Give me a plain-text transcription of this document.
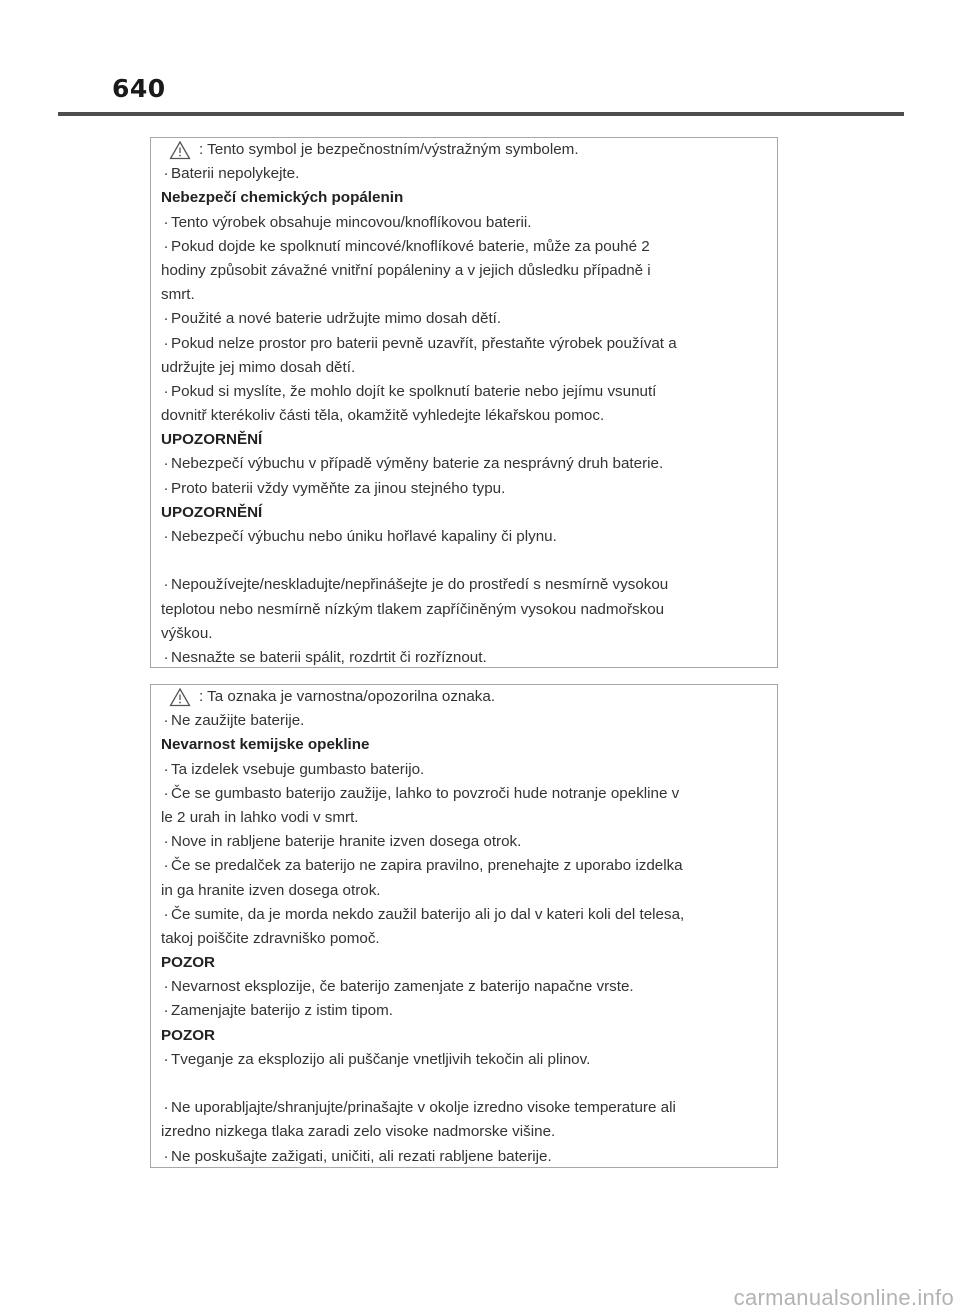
640
: Tento symbol je bezpečnostním/výstražným symbolem.
· Baterii nepolykejte.
Nebezpečí chemických popálenin
· Tento výrobek obsahuje mincovou/knoflíkovou baterii.
· Pokud dojde ke spolknutí mincové/knoflíkové baterie, může za pouhé 2
hodiny způsobit závažné vnitřní popáleniny a v jejich důsledku případně i
smrt.
· Použité a nové baterie udržujte mimo dosah dětí.
· Pokud nelze prostor pro baterii pevně uzavřít, přestaňte výrobek používat a
udržujte jej mimo dosah dětí.
· Pokud si myslíte, že mohlo dojít ke spolknutí baterie nebo jejímu vsunutí
dovnitř kterékoliv části těla, okamžitě vyhledejte lékařskou pomoc.
UPOZORNĚNÍ
· Nebezpečí výbuchu v případě výměny baterie za nesprávný druh baterie.
· Proto baterii vždy vyměňte za jinou stejného typu.
UPOZORNĚNÍ
· Nebezpečí výbuchu nebo úniku hořlavé kapaliny či plynu.
· Nepoužívejte/neskladujte/nepřinášejte je do prostředí s nesmírně vysokou
teplotou nebo nesmírně nízkým tlakem zapříčiněným vysokou nadmořskou
výškou.
· Nesnažte se baterii spálit, rozdrtit či rozříznout.
: Ta oznaka je varnostna/opozorilna oznaka.
· Ne zaužijte baterije.
Nevarnost kemijske opekline
· Ta izdelek vsebuje gumbasto baterijo.
· Če se gumbasto baterijo zaužije, lahko to povzroči hude notranje opekline v
le 2 urah in lahko vodi v smrt.
· Nove in rabljene baterije hranite izven dosega otrok.
· Če se predalček za baterijo ne zapira pravilno, prenehajte z uporabo izdelka
in ga hranite izven dosega otrok.
· Če sumite, da je morda nekdo zaužil baterijo ali jo dal v kateri koli del telesa,
takoj poiščite zdravniško pomoč.
POZOR
· Nevarnost eksplozije, če baterijo zamenjate z baterijo napačne vrste.
· Zamenjajte baterijo z istim tipom.
POZOR
· Tveganje za eksplozijo ali puščanje vnetljivih tekočin ali plinov.
· Ne uporabljajte/shranjujte/prinašajte v okolje izredno visoke temperature ali
izredno nizkega tlaka zaradi zelo visoke nadmorske višine.
· Ne poskušajte zažigati, uničiti, ali rezati rabljene baterije.
carmanualsonline.info
